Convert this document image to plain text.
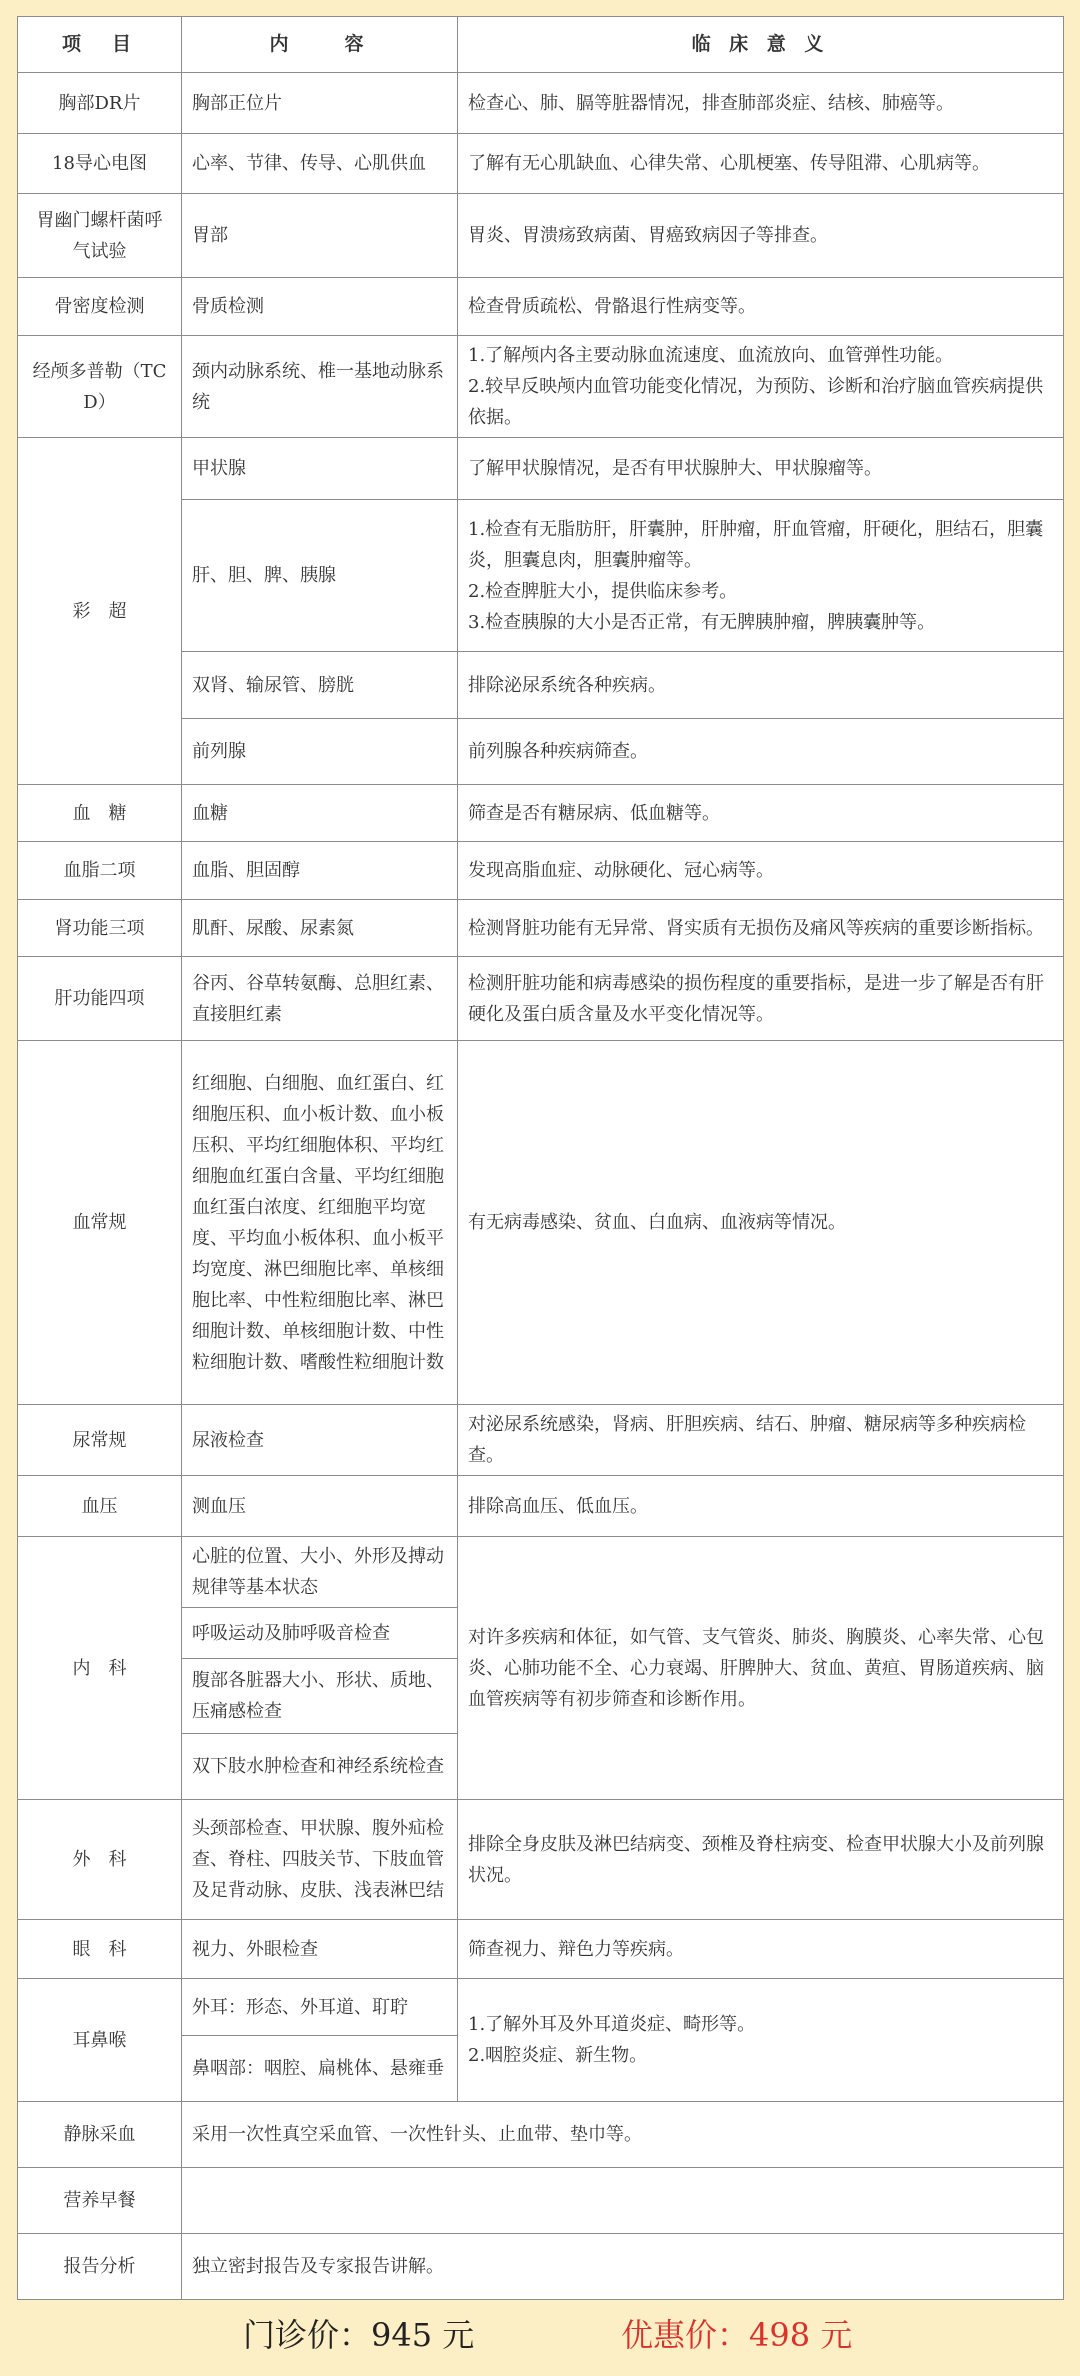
项　目	内　　容	临 床 意 义
胸部DR片	胸部正位片	检查心、肺、膈等脏器情况，排查肺部炎症、结核、肺癌等。
18导心电图	心率、节律、传导、心肌供血	了解有无心肌缺血、心律失常、心肌梗塞、传导阻滞、心肌病等。
胃幽门螺杆菌呼气试验	胃部	胃炎、胃溃疡致病菌、胃癌致病因子等排查。
骨密度检测	骨质检测	检查骨质疏松、骨骼退行性病变等。
经颅多普勒（TCD）	颈内动脉系统、椎一基地动脉系统	1.了解颅内各主要动脉血流速度、血流放向、血管弹性功能。
2.较早反映颅内血管功能变化情况，为预防、诊断和治疗脑血管疾病提供依据。

彩　超	甲状腺	了解甲状腺情况，是否有甲状腺肿大、甲状腺瘤等。
	肝、胆、脾、胰腺	1.检查有无脂肪肝，肝囊肿，肝肿瘤，肝血管瘤，肝硬化，胆结石，胆囊炎，胆囊息肉，胆囊肿瘤等。
2.检查脾脏大小，提供临床参考。
3.检查胰腺的大小是否正常，有无脾胰肿瘤，脾胰囊肿等。

	双肾、输尿管、膀胱	排除泌尿系统各种疾病。
	前列腺	前列腺各种疾病筛查。
血　糖	血糖	筛查是否有糖尿病、低血糖等。
血脂二项	血脂、胆固醇	发现高脂血症、动脉硬化、冠心病等。
肾功能三项	肌酐、尿酸、尿素氮	检测肾脏功能有无异常、肾实质有无损伤及痛风等疾病的重要诊断指标。
肝功能四项	谷丙、谷草转氨酶、总胆红素、直接胆红素	检测肝脏功能和病毒感染的损伤程度的重要指标，是进一步了解是否有肝硬化及蛋白质含量及水平变化情况等。
血常规	红细胞、白细胞、血红蛋白、红细胞压积、血小板计数、血小板压积、平均红细胞体积、平均红细胞血红蛋白含量、平均红细胞血红蛋白浓度、红细胞平均宽度、平均血小板体积、血小板平均宽度、淋巴细胞比率、单核细胞比率、中性粒细胞比率、淋巴细胞计数、单核细胞计数、中性粒细胞计数、嗜酸性粒细胞计数	有无病毒感染、贫血、白血病、血液病等情况。
尿常规	尿液检查	对泌尿系统感染，肾病、肝胆疾病、结石、肿瘤、糖尿病等多种疾病检查。
血压	测血压	排除高血压、低血压。
内　科	心脏的位置、大小、外形及搏动规律等基本状态	对许多疾病和体征，如气管、支气管炎、肺炎、胸膜炎、心率失常、心包炎、心肺功能不全、心力衰竭、肝脾肿大、贫血、黄疸、胃肠道疾病、脑血管疾病等有初步筛查和诊断作用。
	呼吸运动及肺呼吸音检查	
	腹部各脏器大小、形状、质地、压痛感检查	
	双下肢水肿检查和神经系统检查	
外　科	头颈部检查、甲状腺、腹外疝检查、脊柱、四肢关节、下肢血管及足背动脉、皮肤、浅表淋巴结	排除全身皮肤及淋巴结病变、颈椎及脊柱病变、检查甲状腺大小及前列腺状况。
眼　科	视力、外眼检查	筛查视力、辩色力等疾病。
耳鼻喉	外耳：形态、外耳道、耵聍	1.了解外耳及外耳道炎症、畸形等。
2.咽腔炎症、新生物。

	鼻咽部：咽腔、扁桃体、悬雍垂	
静脉采血	采用一次性真空采血管、一次性针头、止血带、垫巾等。	
营养早餐		
报告分析	独立密封报告及专家报告讲解。	
门诊价：945 元	优惠价：498 元
